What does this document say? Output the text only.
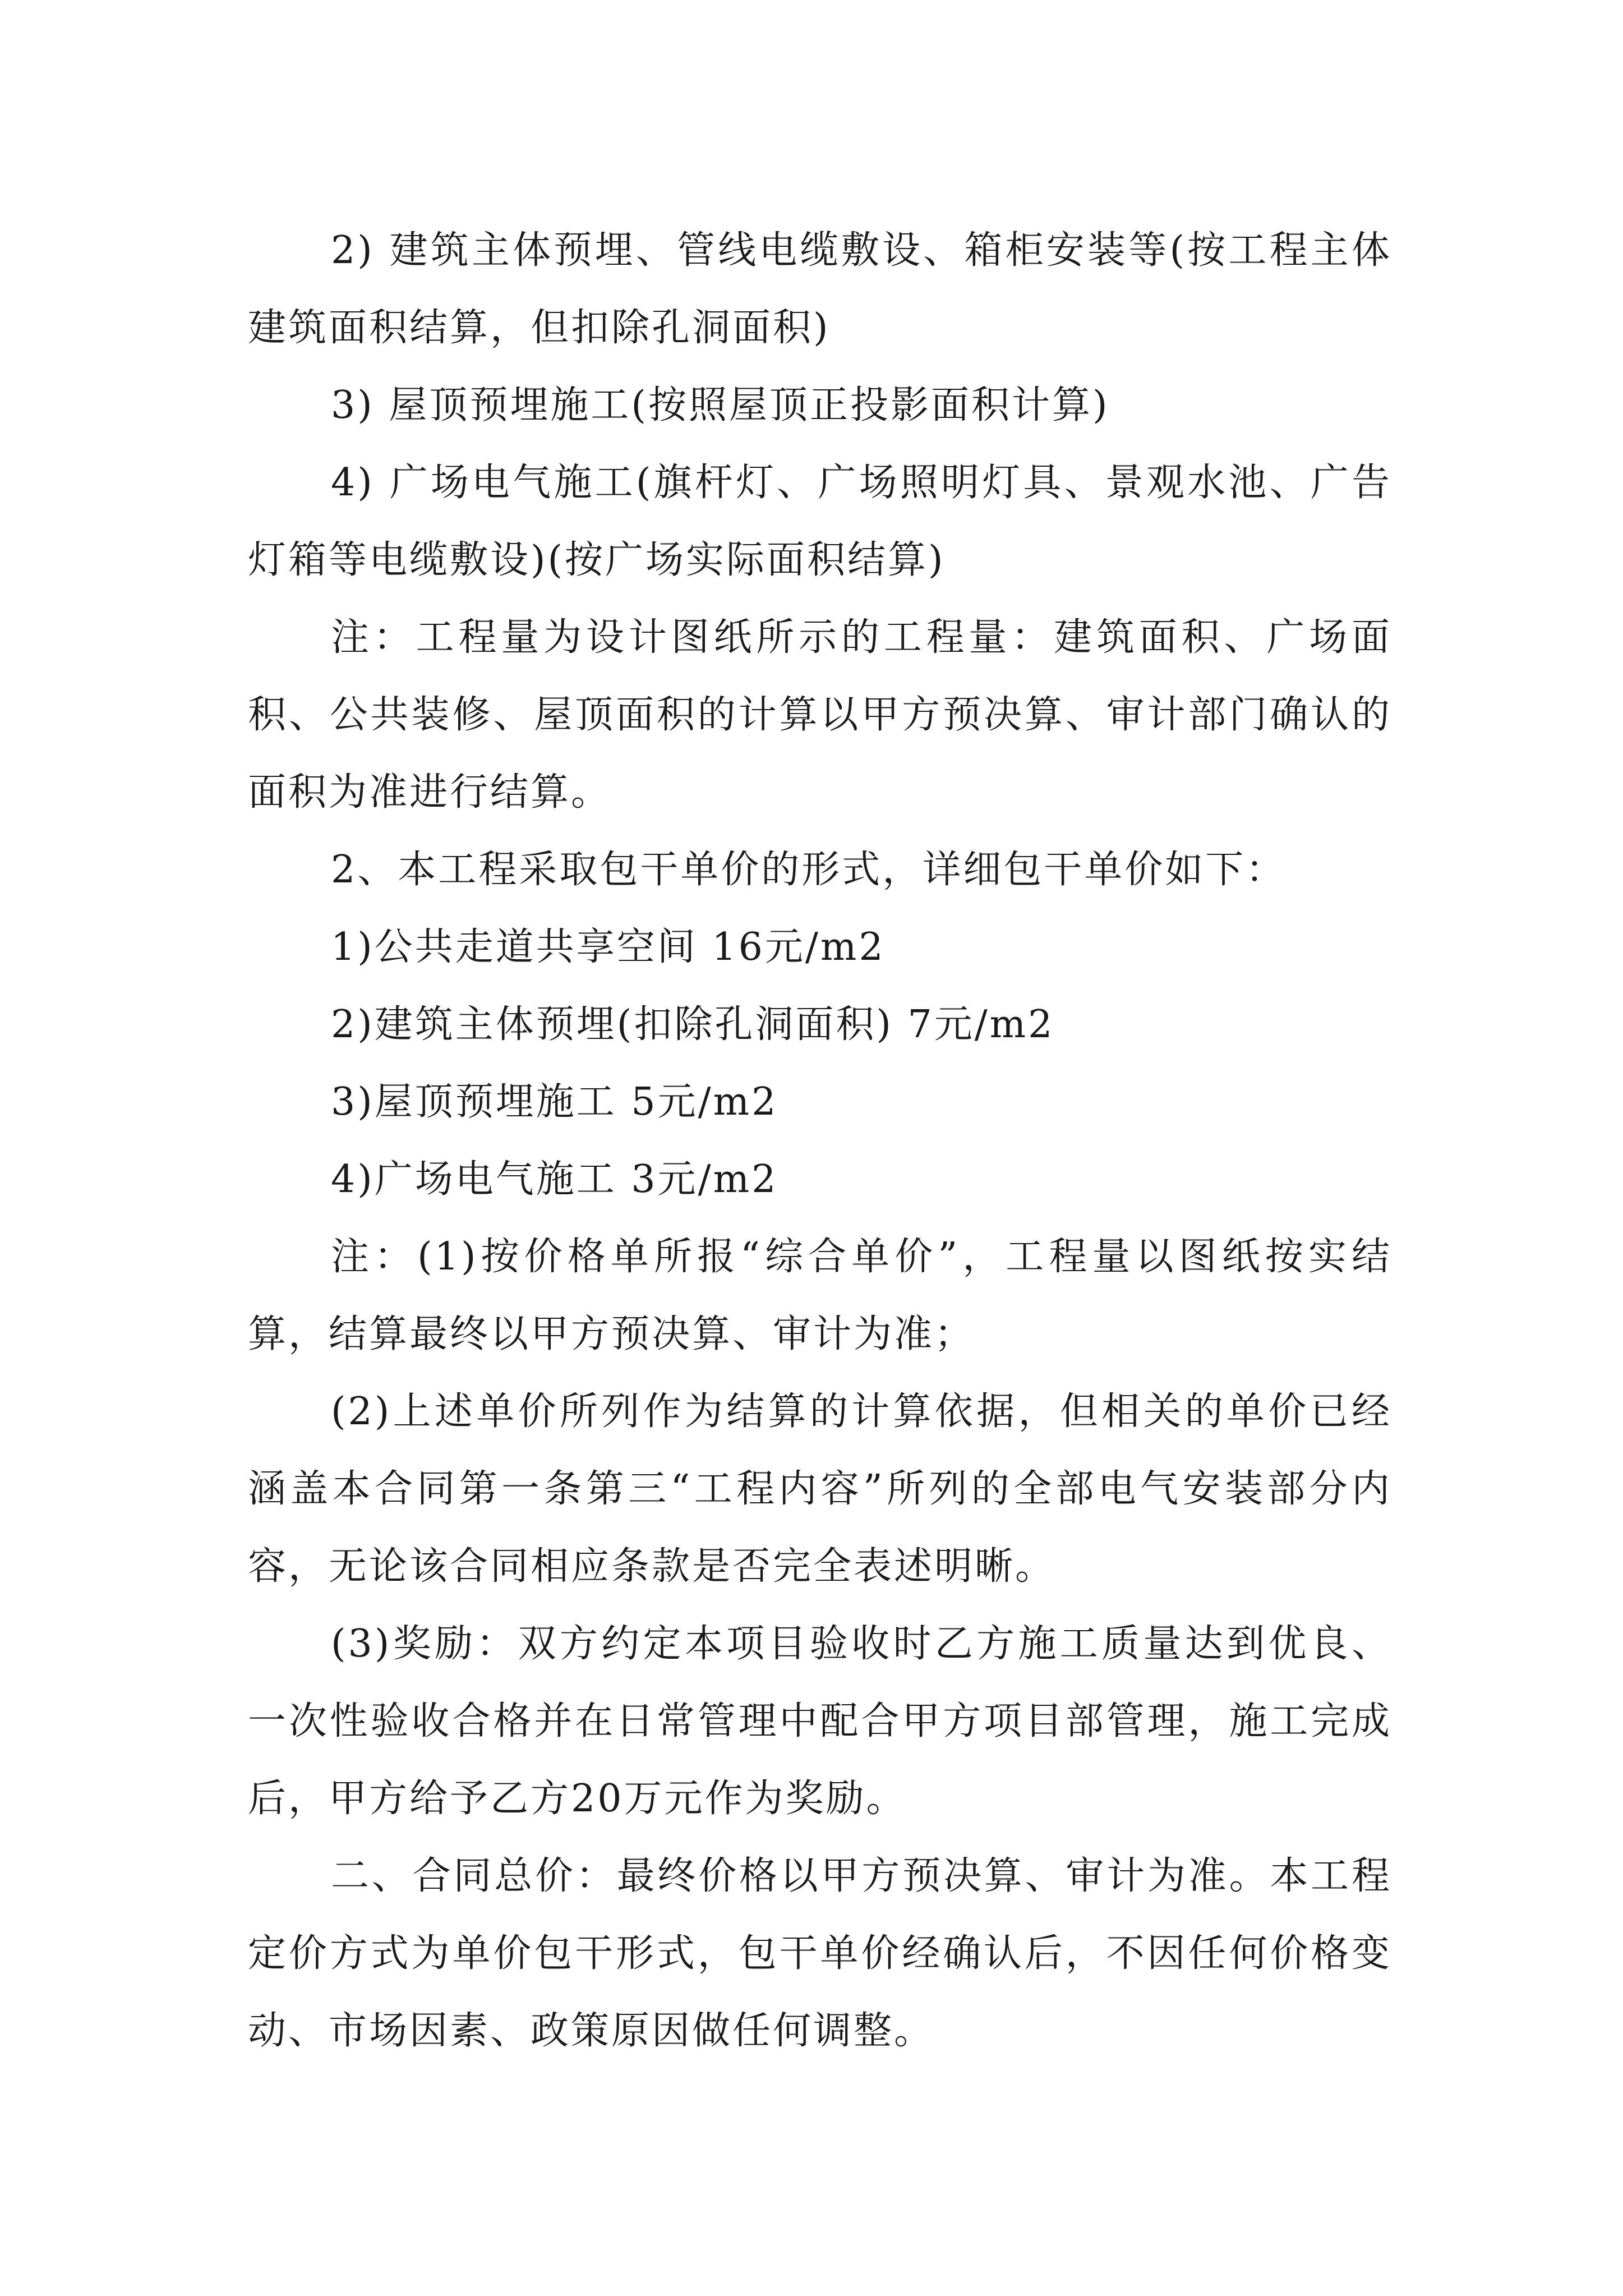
2) 建筑主体预埋、管线电缆敷设、箱柜安装等(按工程主体建筑面积结算，但扣除孔洞面积)

3) 屋顶预埋施工(按照屋顶正投影面积计算)

4) 广场电气施工(旗杆灯、广场照明灯具、景观水池、广告灯箱等电缆敷设)(按广场实际面积结算)

注：工程量为设计图纸所示的工程量：建筑面积、广场面积、公共装修、屋顶面积的计算以甲方预决算、审计部门确认的面积为准进行结算。

2、本工程采取包干单价的形式，详细包干单价如下：

1)公共走道共享空间 16元/m2

2)建筑主体预埋(扣除孔洞面积) 7元/m2

3)屋顶预埋施工 5元/m2

4)广场电气施工 3元/m2

注：(1)按价格单所报“综合单价”，工程量以图纸按实结算，结算最终以甲方预决算、审计为准；

(2)上述单价所列作为结算的计算依据，但相关的单价已经涵盖本合同第一条第三“工程内容”所列的全部电气安装部分内容，无论该合同相应条款是否完全表述明晰。

(3)奖励：双方约定本项目验收时乙方施工质量达到优良、一次性验收合格并在日常管理中配合甲方项目部管理，施工完成后，甲方给予乙方20万元作为奖励。

二、合同总价：最终价格以甲方预决算、审计为准。本工程定价方式为单价包干形式，包干单价经确认后，不因任何价格变动、市场因素、政策原因做任何调整。
